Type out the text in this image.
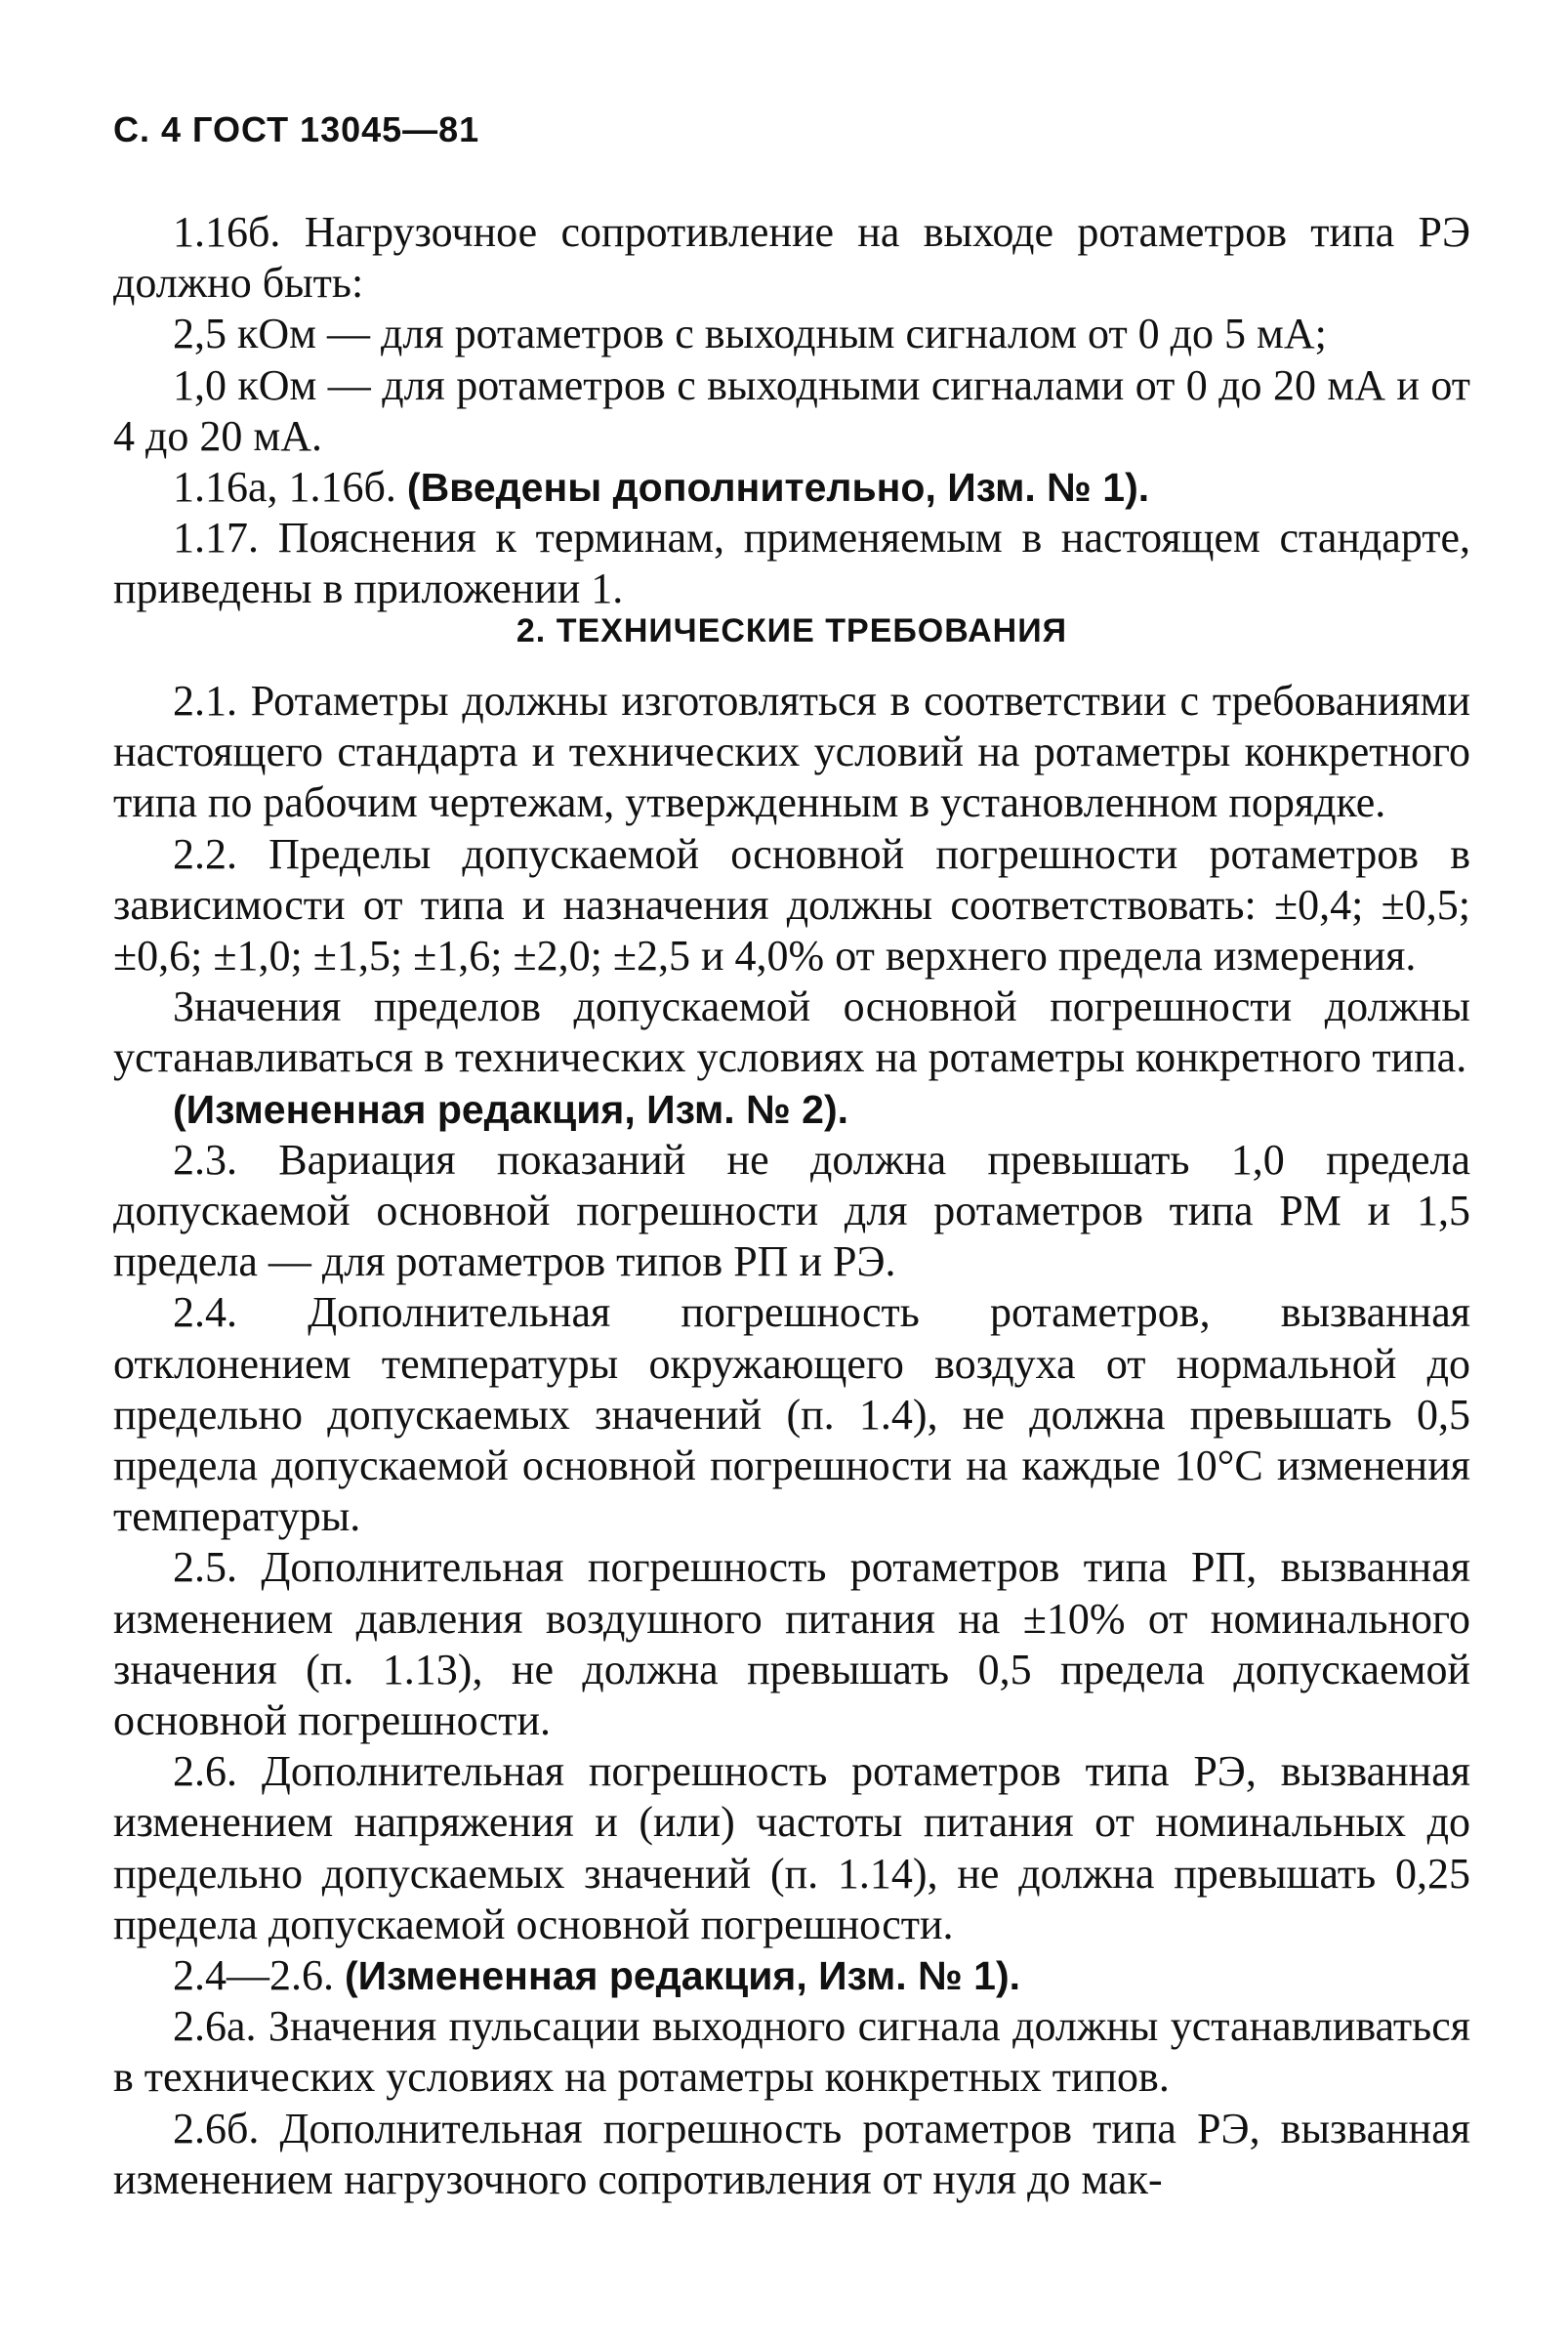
С. 4 ГОСТ 13045—81

1.16б. Нагрузочное сопротивление на выходе ротаметров типа РЭ должно быть:

2,5 кОм — для ротаметров с выходным сигналом от 0 до 5 мА;

1,0 кОм — для ротаметров с выходными сигналами от 0 до 20 мА и от 4 до 20 мА.

1.16а, 1.16б. (Введены дополнительно, Изм. № 1).

1.17. Пояснения к терминам, применяемым в настоящем стандарте, приведены в приложении 1.

2. ТЕХНИЧЕСКИЕ ТРЕБОВАНИЯ

2.1. Ротаметры должны изготовляться в соответствии с требованиями настоящего стандарта и технических условий на ротаметры конкретного типа по рабочим чертежам, утвержденным в установленном порядке.

2.2. Пределы допускаемой основной погрешности ротаметров в зависимости от типа и назначения должны соответствовать: ±0,4; ±0,5; ±0,6; ±1,0; ±1,5; ±1,6; ±2,0; ±2,5 и 4,0% от верхнего предела измерения.

Значения пределов допускаемой основной погрешности должны устанавливаться в технических условиях на ротаметры конкретного типа.

(Измененная редакция, Изм. № 2).

2.3. Вариация показаний не должна превышать 1,0 предела допускаемой основной погрешности для ротаметров типа РМ и 1,5 предела — для ротаметров типов РП и РЭ.

2.4. Дополнительная погрешность ротаметров, вызванная отклонением температуры окружающего воздуха от нормальной до предельно допускаемых значений (п. 1.4), не должна превышать 0,5 предела допускаемой основной погрешности на каждые 10°С изменения температуры.

2.5. Дополнительная погрешность ротаметров типа РП, вызванная изменением давления воздушного питания на ±10% от номинального значения (п. 1.13), не должна превышать 0,5 предела допускаемой основной погрешности.

2.6. Дополнительная погрешность ротаметров типа РЭ, вызванная изменением напряжения и (или) частоты питания от номинальных до предельно допускаемых значений (п. 1.14), не должна превышать 0,25 предела допускаемой основной погрешности.

2.4—2.6. (Измененная редакция, Изм. № 1).

2.6а. Значения пульсации выходного сигнала должны устанавливаться в технических условиях на ротаметры конкретных типов.

2.6б. Дополнительная погрешность ротаметров типа РЭ, вызванная изменением нагрузочного сопротивления от нуля до мак-
